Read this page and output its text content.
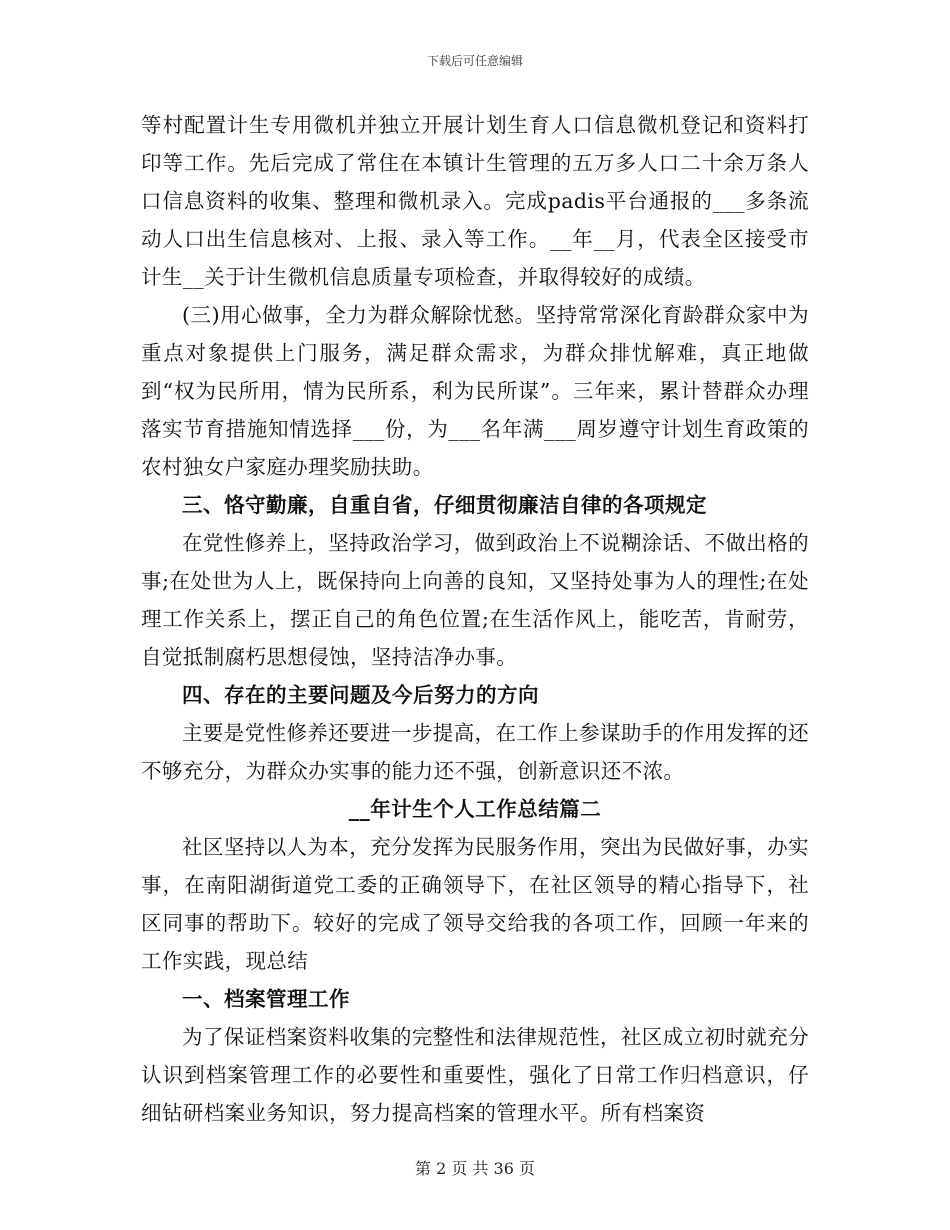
下载后可任意编辑

等村配置计生专用微机并独立开展计划生育人口信息微机登记和资料打印等工作。先后完成了常住在本镇计生管理的五万多人口二十余万条人口信息资料的收集、整理和微机录入。完成padis平台通报的___多条流动人口出生信息核对、上报、录入等工作。__年__月，代表全区接受市计生__关于计生微机信息质量专项检查，并取得较好的成绩。

(三)用心做事，全力为群众解除忧愁。坚持常常深化育龄群众家中为重点对象提供上门服务，满足群众需求，为群众排忧解难，真正地做到“权为民所用，情为民所系，利为民所谋”。三年来，累计替群众办理落实节育措施知情选择___份，为___名年满___周岁遵守计划生育政策的农村独女户家庭办理奖励扶助。

三、恪守勤廉，自重自省，仔细贯彻廉洁自律的各项规定

在党性修养上，坚持政治学习，做到政治上不说糊涂话、不做出格的事;在处世为人上，既保持向上向善的良知，又坚持处事为人的理性;在处理工作关系上，摆正自己的角色位置;在生活作风上，能吃苦，肯耐劳，自觉抵制腐朽思想侵蚀，坚持洁净办事。

四、存在的主要问题及今后努力的方向

主要是党性修养还要进一步提高，在工作上参谋助手的作用发挥的还不够充分，为群众办实事的能力还不强，创新意识还不浓。

__年计生个人工作总结篇二

社区坚持以人为本，充分发挥为民服务作用，突出为民做好事，办实事，在南阳湖街道党工委的正确领导下，在社区领导的精心指导下，社区同事的帮助下。较好的完成了领导交给我的各项工作，回顾一年来的工作实践，现总结

一、档案管理工作

为了保证档案资料收集的完整性和法律规范性，社区成立初时就充分认识到档案管理工作的必要性和重要性，强化了日常工作归档意识，仔细钻研档案业务知识，努力提高档案的管理水平。所有档案资

第 2 页 共 36 页
